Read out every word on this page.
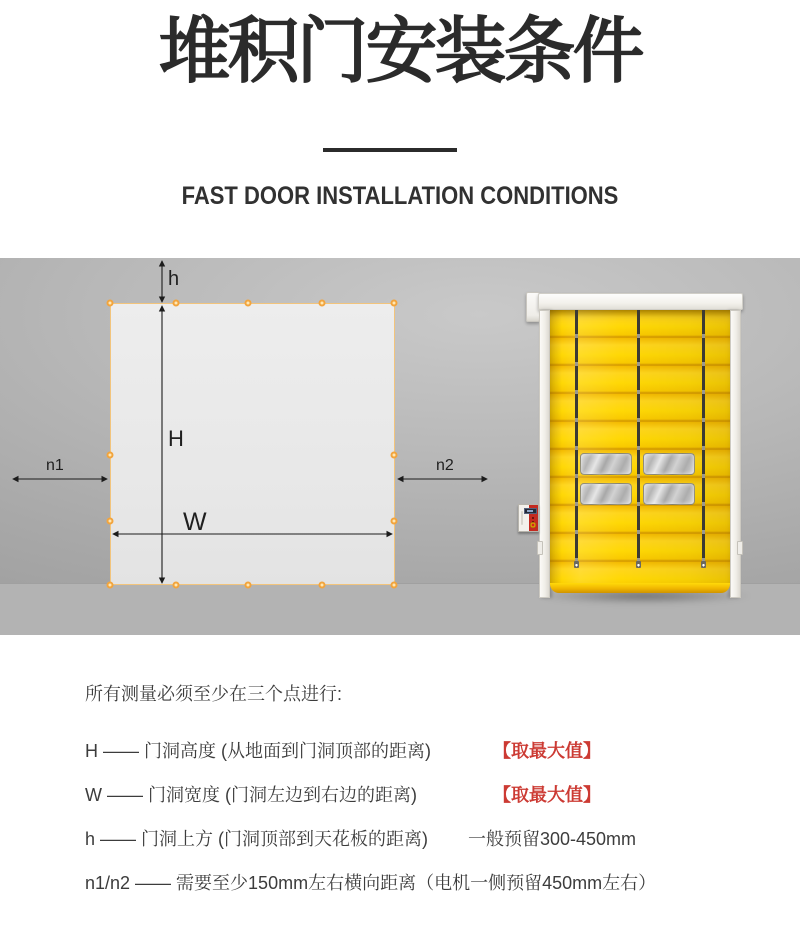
堆积门安装条件
FAST DOOR INSTALLATION CONDITIONS
h
H
W
n1	n2
所有测量必须至少在三个点进行:
H —— 门洞高度 (从地面到门洞顶部的距离)	【取最大值】
W —— 门洞宽度 (门洞左边到右边的距离)	【取最大值】
h —— 门洞上方 (门洞顶部到天花板的距离) 一般预留300-450mm
n1/n2 —— 需要至少150mm左右横向距离（电机一侧预留450mm左右）
